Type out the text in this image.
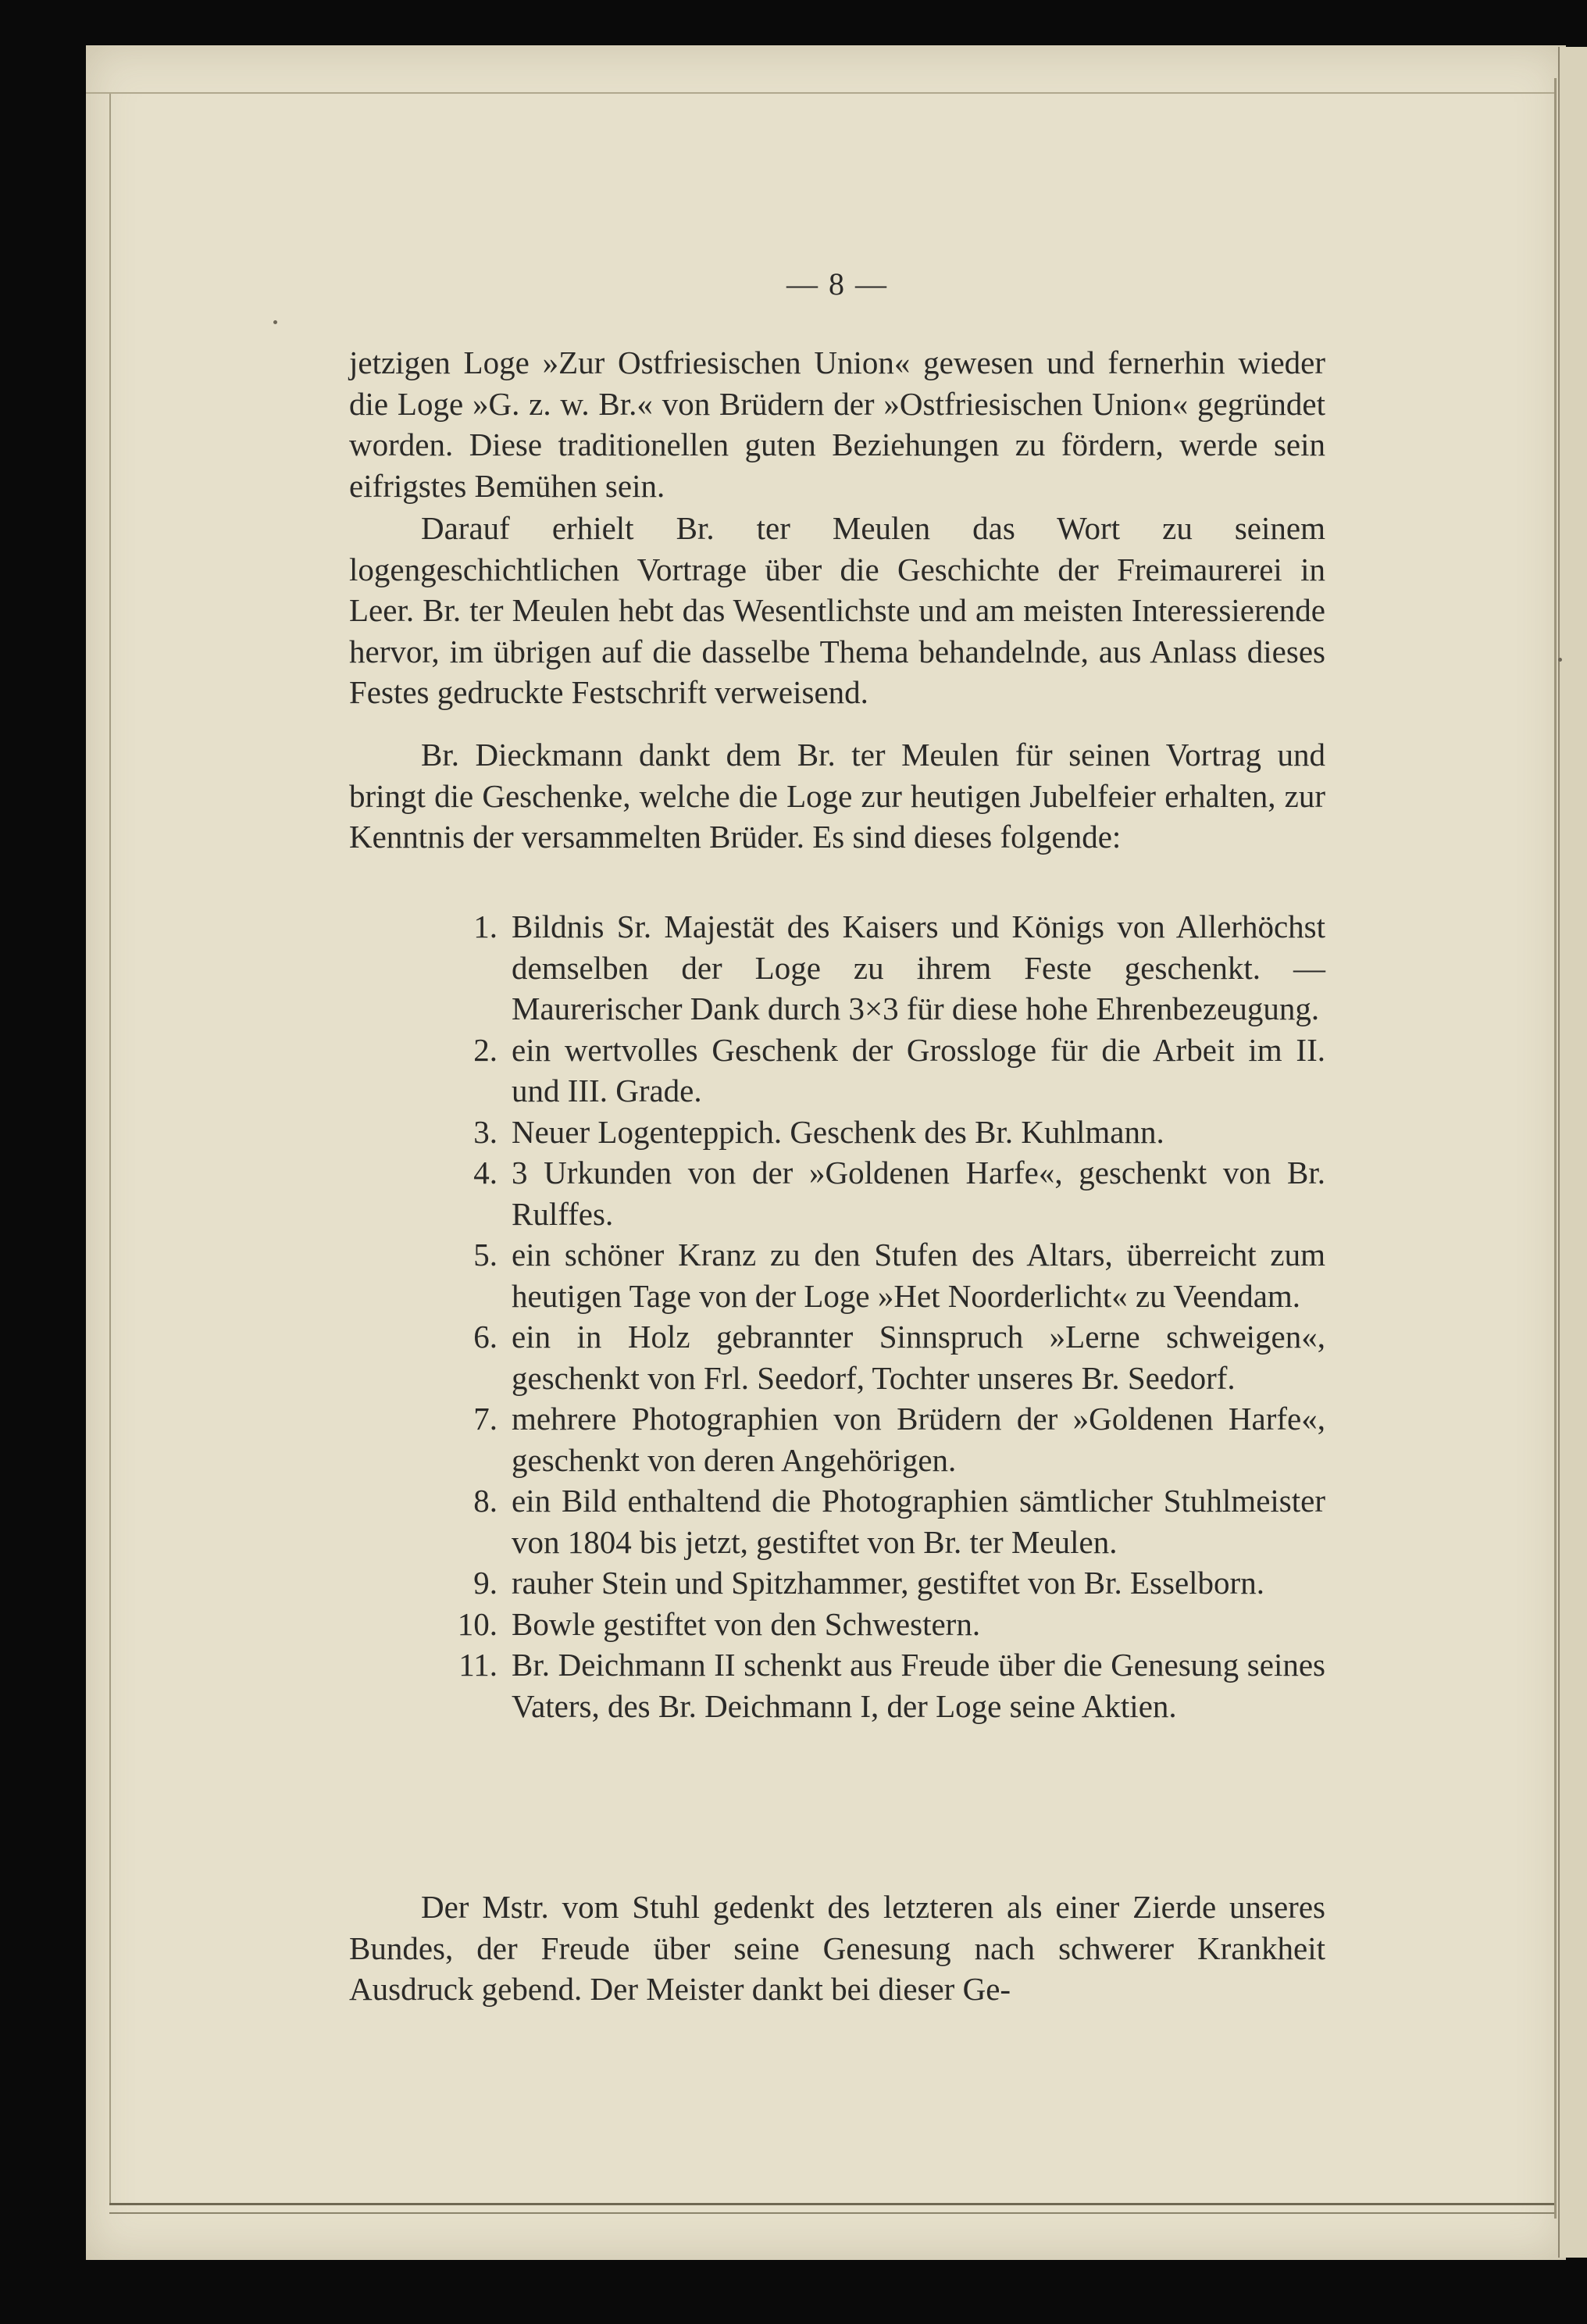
— 8 —

jetzigen Loge »Zur Ostfriesischen Union« gewesen und fernerhin wieder die Loge »G. z. w. Br.« von Brüdern der »Ostfriesischen Union« gegründet worden. Diese traditionellen guten Beziehungen zu fördern, werde sein eifrigstes Bemühen sein.

Darauf erhielt Br. ter Meulen das Wort zu seinem logengeschichtlichen Vortrage über die Geschichte der Freimaurerei in Leer. Br. ter Meulen hebt das Wesentlichste und am meisten Interessierende hervor, im übrigen auf die dasselbe Thema behandelnde, aus Anlass dieses Festes gedruckte Festschrift verweisend.

Br. Dieckmann dankt dem Br. ter Meulen für seinen Vortrag und bringt die Geschenke, welche die Loge zur heutigen Jubelfeier erhalten, zur Kenntnis der versammelten Brüder. Es sind dieses folgende:

1. Bildnis Sr. Majestät des Kaisers und Königs von Allerhöchst demselben der Loge zu ihrem Feste geschenkt. — Maurerischer Dank durch 3×3 für diese hohe Ehrenbezeugung.
2. ein wertvolles Geschenk der Grossloge für die Arbeit im II. und III. Grade.
3. Neuer Logenteppich. Geschenk des Br. Kuhlmann.
4. 3 Urkunden von der »Goldenen Harfe«, geschenkt von Br. Rulffes.
5. ein schöner Kranz zu den Stufen des Altars, überreicht zum heutigen Tage von der Loge »Het Noorderlicht« zu Veendam.
6. ein in Holz gebrannter Sinnspruch »Lerne schweigen«, geschenkt von Frl. Seedorf, Tochter unseres Br. Seedorf.
7. mehrere Photographien von Brüdern der »Goldenen Harfe«, geschenkt von deren Angehörigen.
8. ein Bild enthaltend die Photographien sämtlicher Stuhlmeister von 1804 bis jetzt, gestiftet von Br. ter Meulen.
9. rauher Stein und Spitzhammer, gestiftet von Br. Esselborn.
10. Bowle gestiftet von den Schwestern.
11. Br. Deichmann II schenkt aus Freude über die Genesung seines Vaters, des Br. Deichmann I, der Loge seine Aktien.

Der Mstr. vom Stuhl gedenkt des letzteren als einer Zierde unseres Bundes, der Freude über seine Genesung nach schwerer Krankheit Ausdruck gebend. Der Meister dankt bei dieser Ge-
